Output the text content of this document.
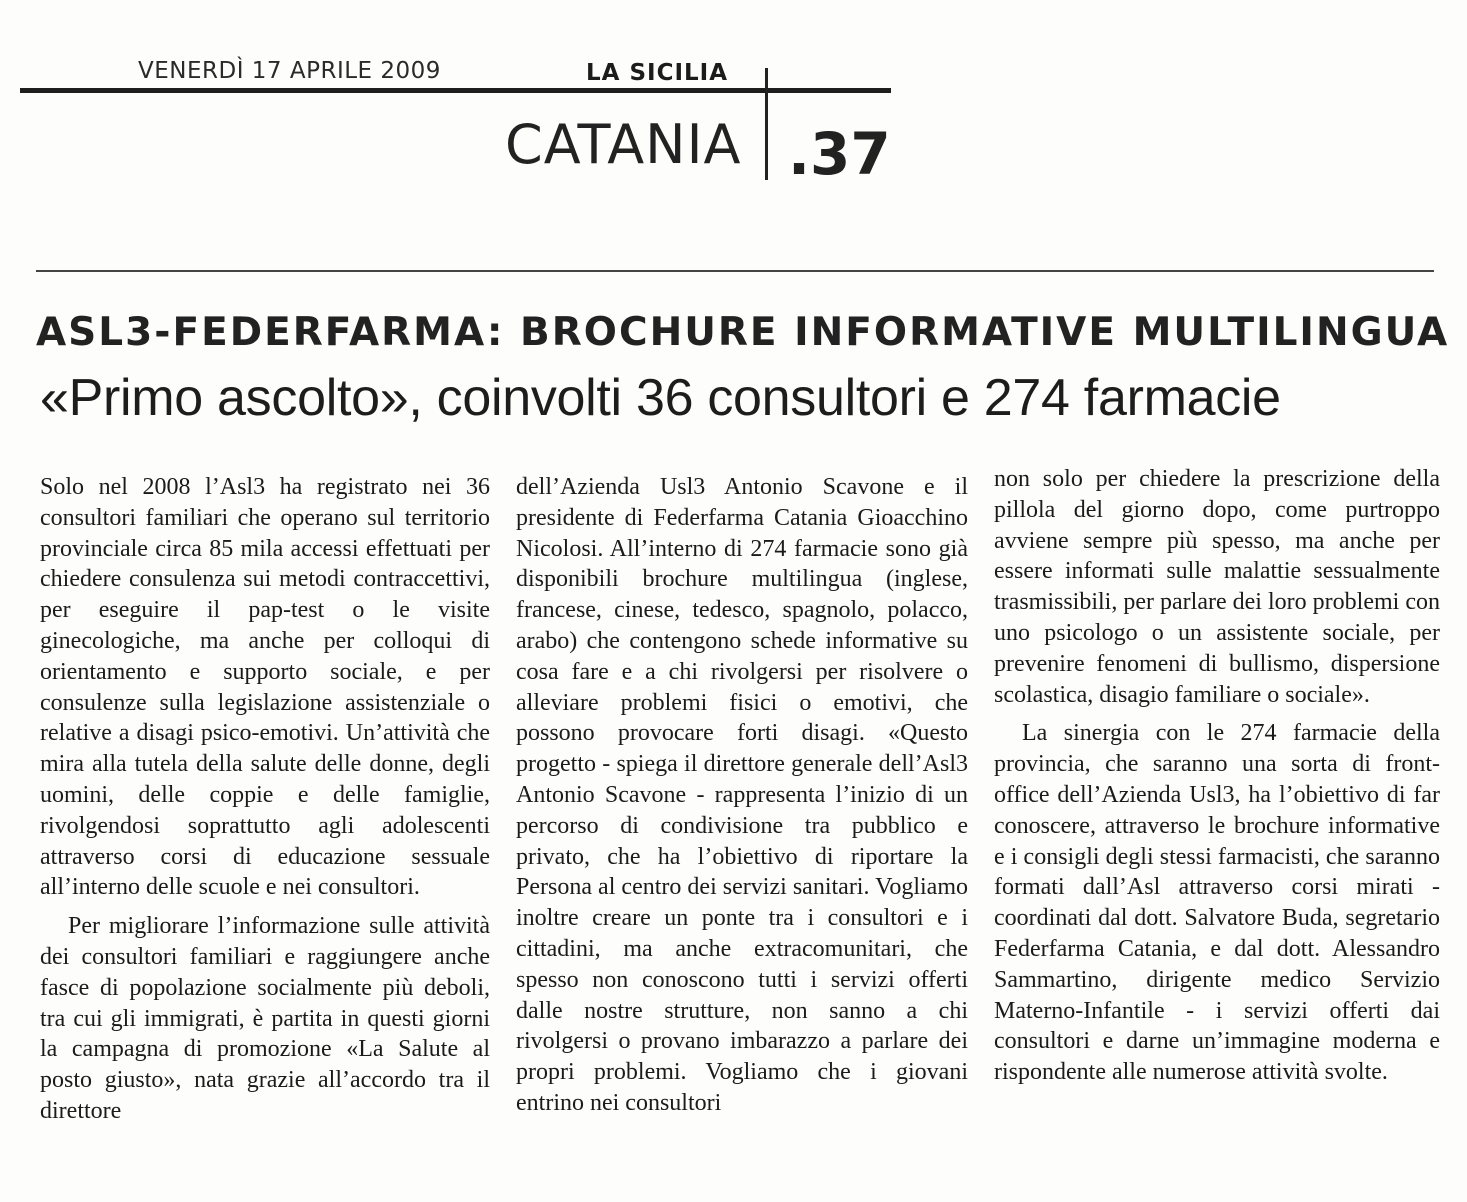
VENERDÌ 17 APRILE 2009	LA SICILIA
CATANIA .37
ASL3-FEDERFARMA: BROCHURE INFORMATIVE MULTILINGUA
«Primo ascolto», coinvolti 36 consultori e 274 farmacie

Solo nel 2008 l’Asl3 ha registrato nei 36 consultori familiari che operano sul territorio provinciale circa 85 mila accessi effettuati per chiedere consulenza sui metodi contraccettivi, per eseguire il pap-test o le visite ginecologiche, ma anche per colloqui di orientamento e supporto sociale, e per consulenze sulla legislazione assistenziale o relative a disagi psico-emotivi. Un’attività che mira alla tutela della salute delle donne, degli uomini, delle coppie e delle famiglie, rivolgendosi soprattutto agli adolescenti attraverso corsi di educazione sessuale all’interno delle scuole e nei consultori.

Per migliorare l’informazione sulle attività dei consultori familiari e raggiungere anche fasce di popolazione socialmente più deboli, tra cui gli immigrati, è partita in questi giorni la campagna di promozione «La Salute al posto giusto», nata grazie all’accordo tra il direttore

dell’Azienda Usl3 Antonio Scavone e il presidente di Federfarma Catania Gioacchino Nicolosi. All’interno di 274 farmacie sono già disponibili brochure multilingua (inglese, francese, cinese, tedesco, spagnolo, polacco, arabo) che contengono schede informative su cosa fare e a chi rivolgersi per risolvere o alleviare problemi fisici o emotivi, che possono provocare forti disagi. «Questo progetto - spiega il direttore generale dell’Asl3 Antonio Scavone - rappresenta l’inizio di un percorso di condivisione tra pubblico e privato, che ha l’obiettivo di riportare la Persona al centro dei servizi sanitari. Vogliamo inoltre creare un ponte tra i consultori e i cittadini, ma anche extracomunitari, che spesso non conoscono tutti i servizi offerti dalle nostre strutture, non sanno a chi rivolgersi o provano imbarazzo a parlare dei propri problemi. Vogliamo che i giovani entrino nei consultori

non solo per chiedere la prescrizione della pillola del giorno dopo, come purtroppo avviene sempre più spesso, ma anche per essere informati sulle malattie sessualmente trasmissibili, per parlare dei loro problemi con uno psicologo o un assistente sociale, per prevenire fenomeni di bullismo, dispersione scolastica, disagio familiare o sociale».

La sinergia con le 274 farmacie della provincia, che saranno una sorta di front-office dell’Azienda Usl3, ha l’obiettivo di far conoscere, attraverso le brochure informative e i consigli degli stessi farmacisti, che saranno formati dall’Asl attraverso corsi mirati - coordinati dal dott. Salvatore Buda, segretario Federfarma Catania, e dal dott. Alessandro Sammartino, dirigente medico Servizio Materno-Infantile - i servizi offerti dai consultori e darne un’immagine moderna e rispondente alle numerose attività svolte.
